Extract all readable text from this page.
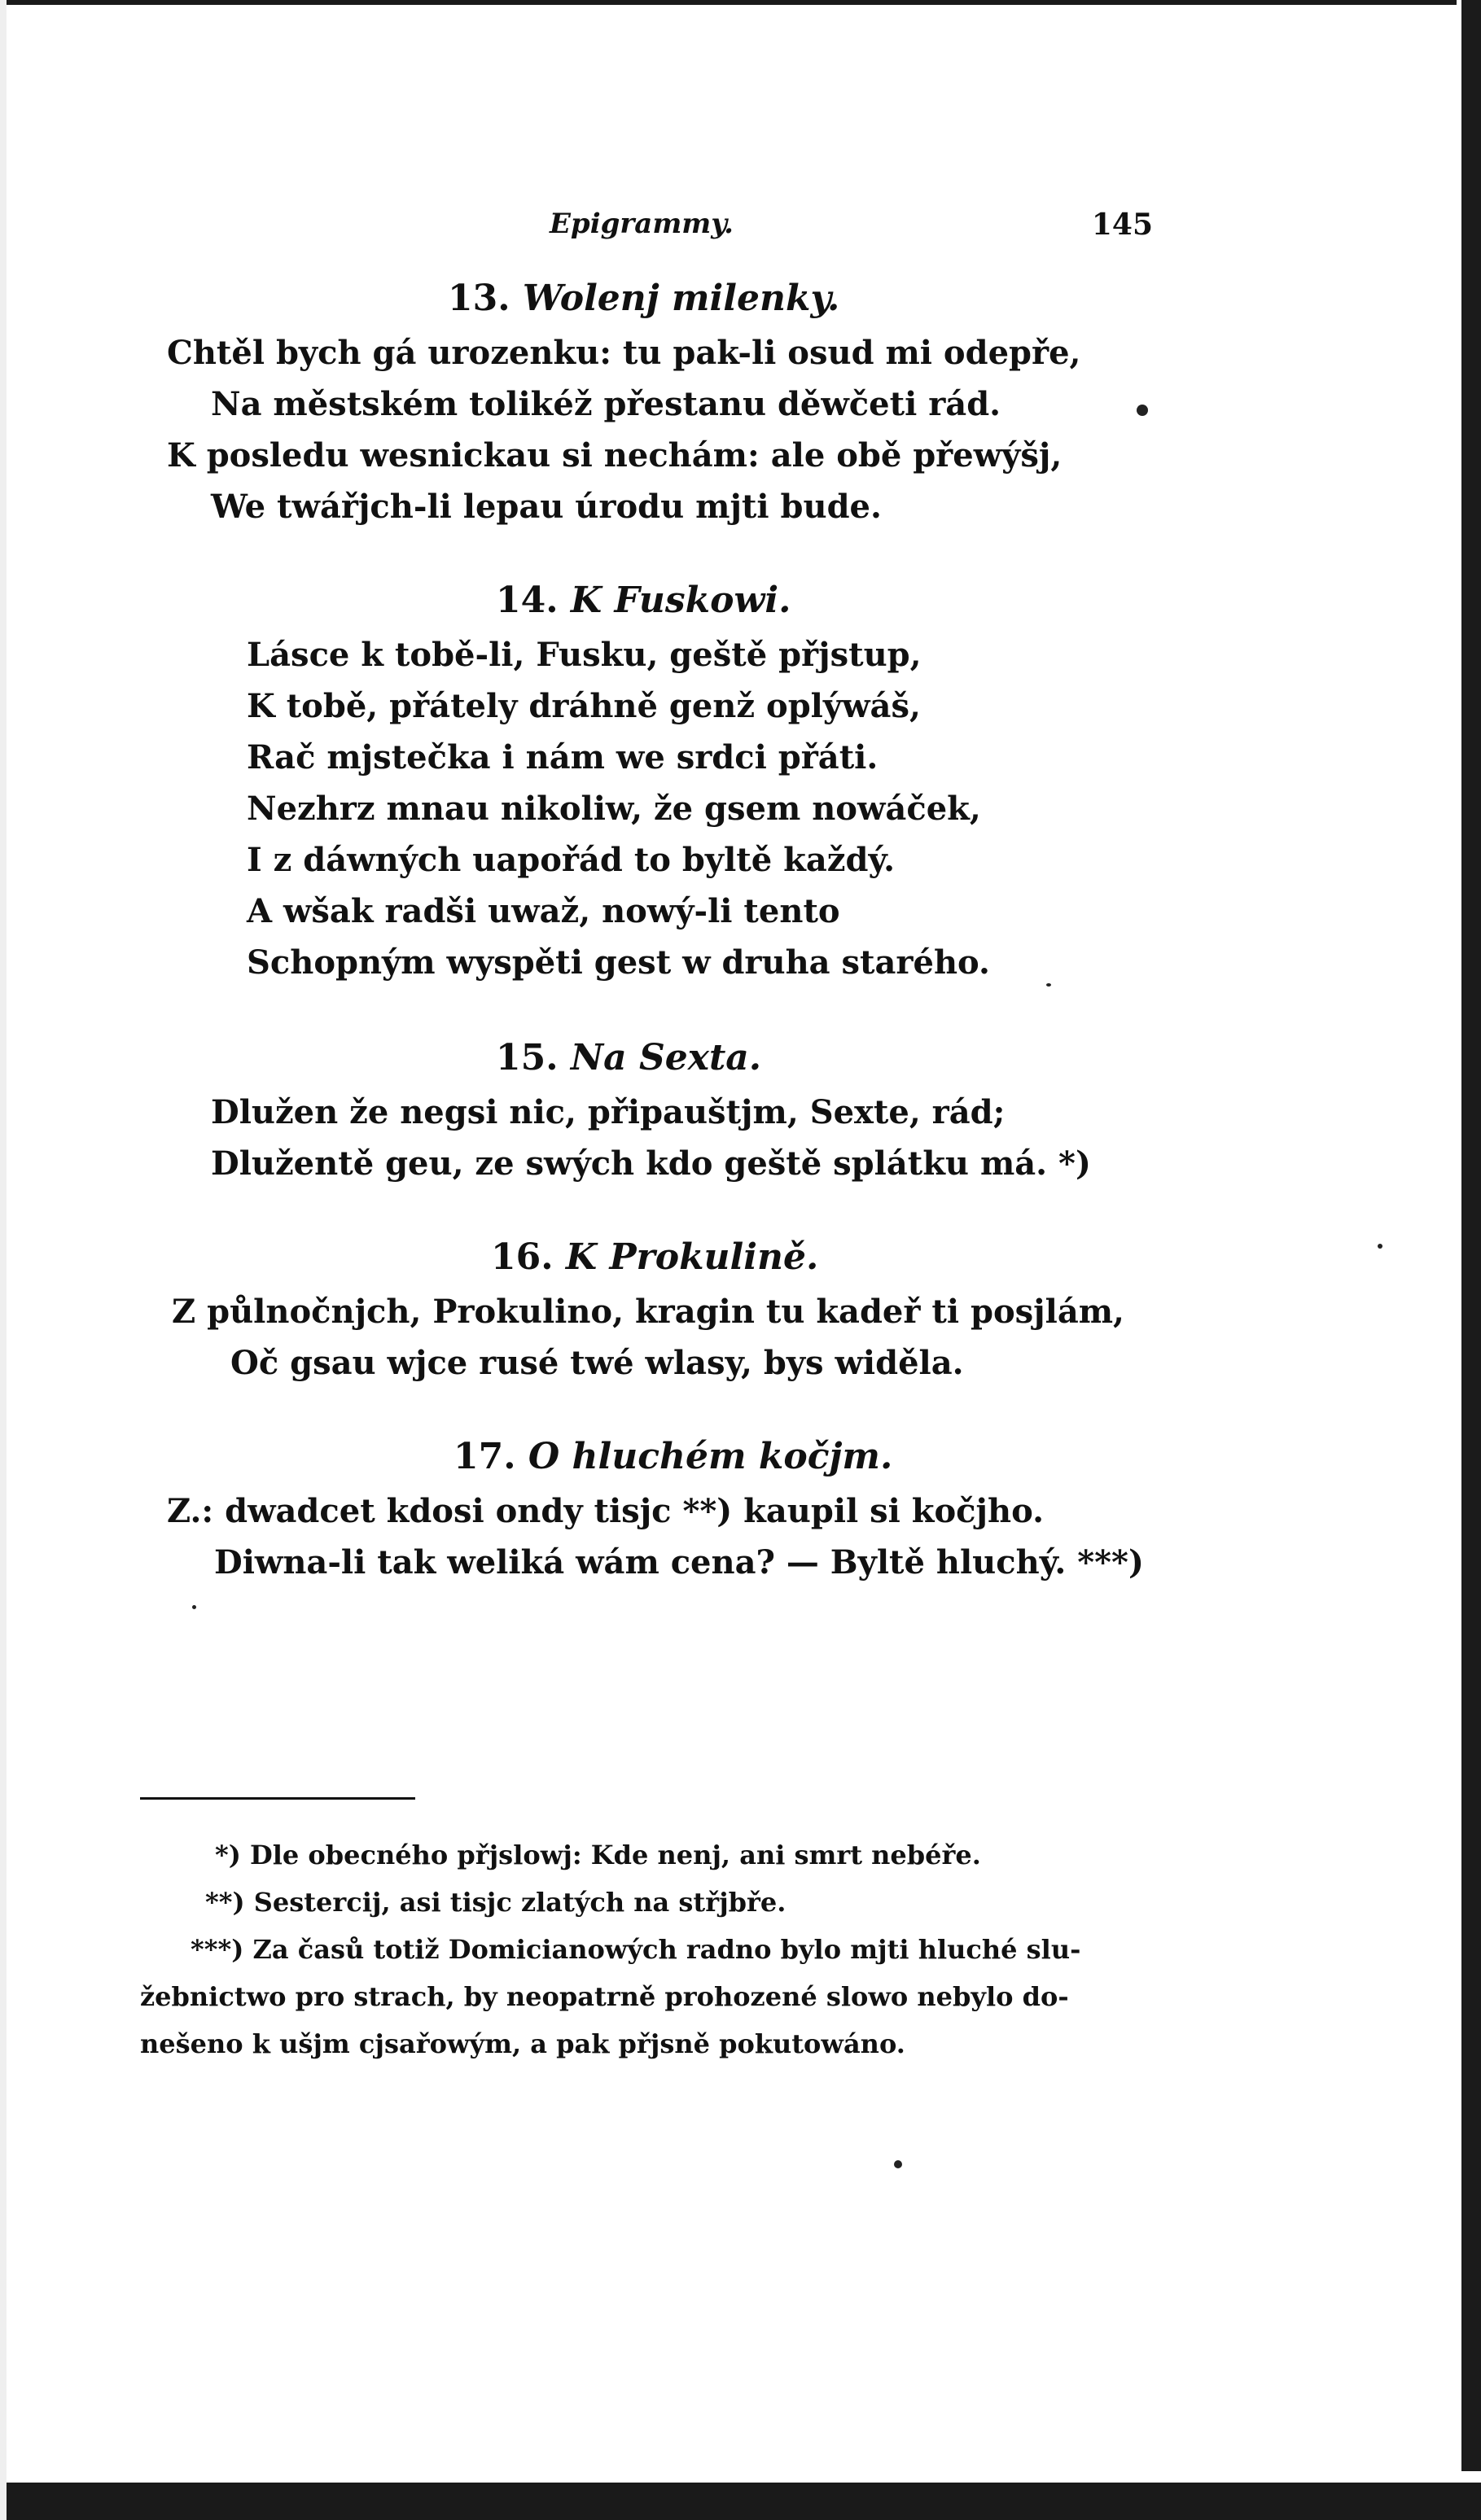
Epigrammy.	145
13. Wolenj milenky.
Chtěl bych gá urozenku: tu pak-li osud mi odepře,
Na městském tolikéž přestanu děwčeti rád.
K posledu wesnickau si nechám: ale obě přewýšj,
We twářjch-li lepau úrodu mjti bude.
14. K Fuskowi.
Lásce k tobě-li, Fusku, geště přjstup,
K tobě, přátely dráhně genž oplýwáš,
Rač mjstečka i nám we srdci přáti.
Nezhrz mnau nikoliw, že gsem nowáček,
I z dáwných uapořád to byltě každý.
A wšak radši uwaž, nowý-li tento
Schopným wyspěti gest w druha starého.
15. Na Sexta.
Dlužen že negsi nic, připauštjm, Sexte, rád;
Dlužentě geu, ze swých kdo geště splátku má. *)
16. K Prokulině.
Z půlnočnjch, Prokulino, kragin tu kadeř ti posjlám,
Oč gsau wjce rusé twé wlasy, bys widěla.
17. O hluchém kočjm.
Z.: dwadcet kdosi ondy tisjc **) kaupil si kočjho.
Diwna-li tak weliká wám cena? — Byltě hluchý. ***)
*) Dle obecného přjslowj: Kde nenj, ani smrt nebéře.
**) Sestercij, asi tisjc zlatých na střjbře.
***) Za časů totiž Domicianowých radno bylo mjti hluché slu-
žebnictwo pro strach, by neopatrně prohozené slowo nebylo do-
nešeno k ušjm cjsařowým, a pak přjsně pokutowáno.
